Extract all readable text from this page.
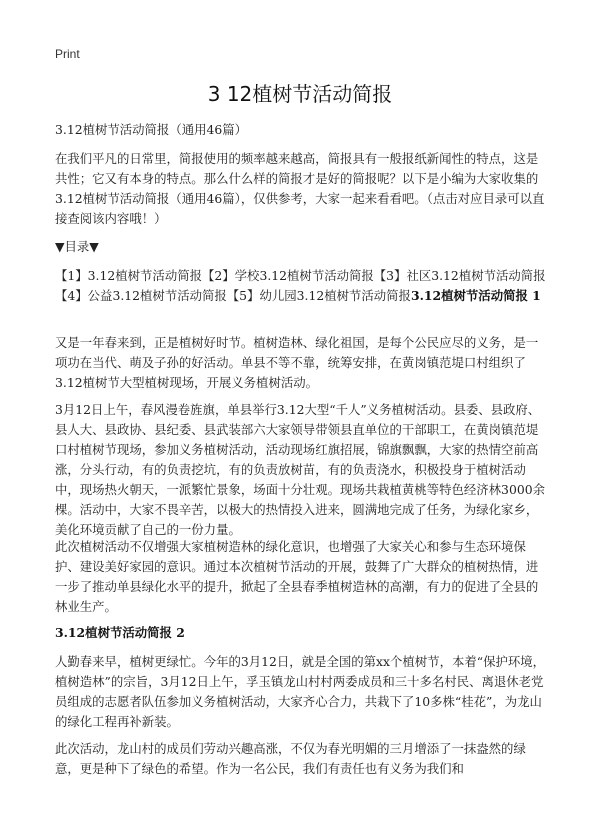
Print
3 12植树节活动简报

3.12植树节活动简报（通用46篇）

在我们平凡的日常里，简报使用的频率越来越高，简报具有一般报纸新闻性的特点，这是共性；它又有本身的特点。那么什么样的简报才是好的简报呢？以下是小编为大家收集的3.12植树节活动简报（通用46篇），仅供参考，大家一起来看看吧。（点击对应目录可以直接查阅该内容哦！）

▼目录▼

【1】3.12植树节活动简报【2】学校3.12植树节活动简报【3】社区3.12植树节活动简报【4】公益3.12植树节活动简报【5】幼儿园3.12植树节活动简报3.12植树节活动简报 1

又是一年春来到，正是植树好时节。植树造林、绿化祖国，是每个公民应尽的义务，是一项功在当代、萌及子孙的好活动。单县不等不靠，统筹安排，在黄岗镇范堤口村组织了3.12植树节大型植树现场，开展义务植树活动。

3月12日上午，春风漫卷旌旗，单县举行3.12大型“千人”义务植树活动。县委、县政府、县人大、县政协、县纪委、县武装部六大家领导带领县直单位的干部职工，在黄岗镇范堤口村植树节现场，参加义务植树活动，活动现场红旗招展，锦旗飘飘，大家的热情空前高涨，分头行动，有的负责挖坑，有的负责放树苗，有的负责浇水，积极投身于植树活动中，现场热火朝天，一派繁忙景象，场面十分壮观。现场共栽植黄桃等特色经济林3000余棵。活动中，大家不畏辛苦，以极大的热情投入进来，圆满地完成了任务，为绿化家乡，美化环境贡献了自己的一份力量。

此次植树活动不仅增强大家植树造林的绿化意识，也增强了大家关心和参与生态环境保护、建设美好家园的意识。通过本次植树节活动的开展，鼓舞了广大群众的植树热情，进一步了推动单县绿化水平的提升，掀起了全县春季植树造林的高潮，有力的促进了全县的林业生产。

3.12植树节活动简报 2

人勤春来早，植树更绿忙。今年的3月12日，就是全国的第xx个植树节，本着“保护环境，植树造林”的宗旨，3月12日上午，孚玉镇龙山村村两委成员和三十多名村民、离退休老党员组成的志愿者队伍参加义务植树活动，大家齐心合力，共栽下了10多株“桂花”，为龙山的绿化工程再补新装。

此次活动，龙山村的成员们劳动兴趣高涨，不仅为春光明媚的三月增添了一抹盎然的绿意，更是种下了绿色的希望。作为一名公民，我们有责任也有义务为我们和
